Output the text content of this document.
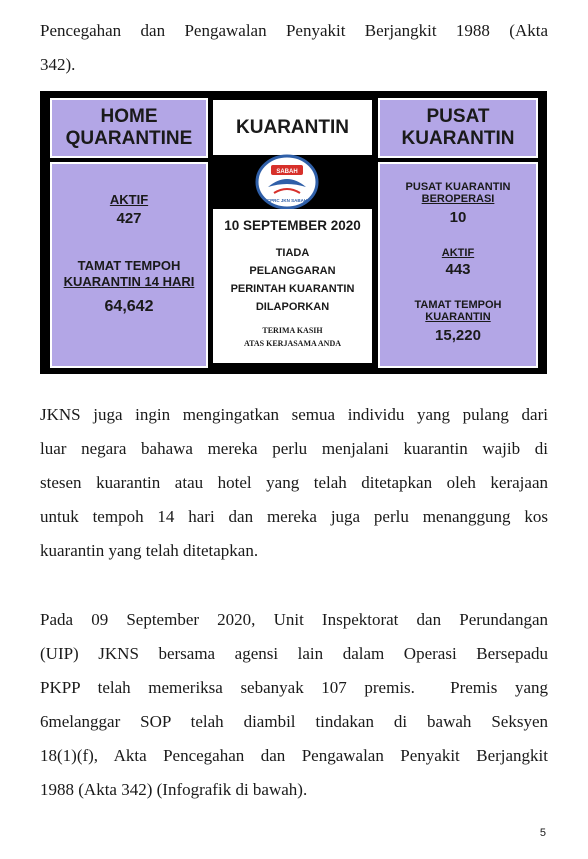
Pencegahan dan Pengawalan Penyakit Berjangkit 1988 (Akta
342).

HOME
QUARANTINE
KUARANTIN	PUSAT
KUARANTIN
SABAH
CPRC JKN SABAH
AKTIF
427
TAMAT TEMPOH
KUARANTIN 14 HARI
64,642
10 SEPTEMBER 2020
TIADA
PELANGGARAN
PERINTAH KUARANTIN
DILAPORKAN
TERIMA KASIH
ATAS KERJASAMA ANDA
PUSAT KUARANTIN
BEROPERASI
10
AKTIF
443
TAMAT TEMPOH
KUARANTIN
15,220

JKNS juga ingin mengingatkan semua individu yang pulang dari
luar negara bahawa mereka perlu menjalani kuarantin wajib di
stesen kuarantin atau hotel yang telah ditetapkan oleh kerajaan
untuk tempoh 14 hari dan mereka juga perlu menanggung kos
kuarantin yang telah ditetapkan.

Pada 09 September 2020, Unit Inspektorat dan Perundangan
(UIP) JKNS bersama agensi lain dalam Operasi Bersepadu
PKPP telah memeriksa sebanyak 107 premis.  Premis yang
6melanggar SOP telah diambil tindakan di bawah Seksyen
18(1)(f), Akta Pencegahan dan Pengawalan Penyakit Berjangkit
1988 (Akta 342) (Infografik di bawah).

5
